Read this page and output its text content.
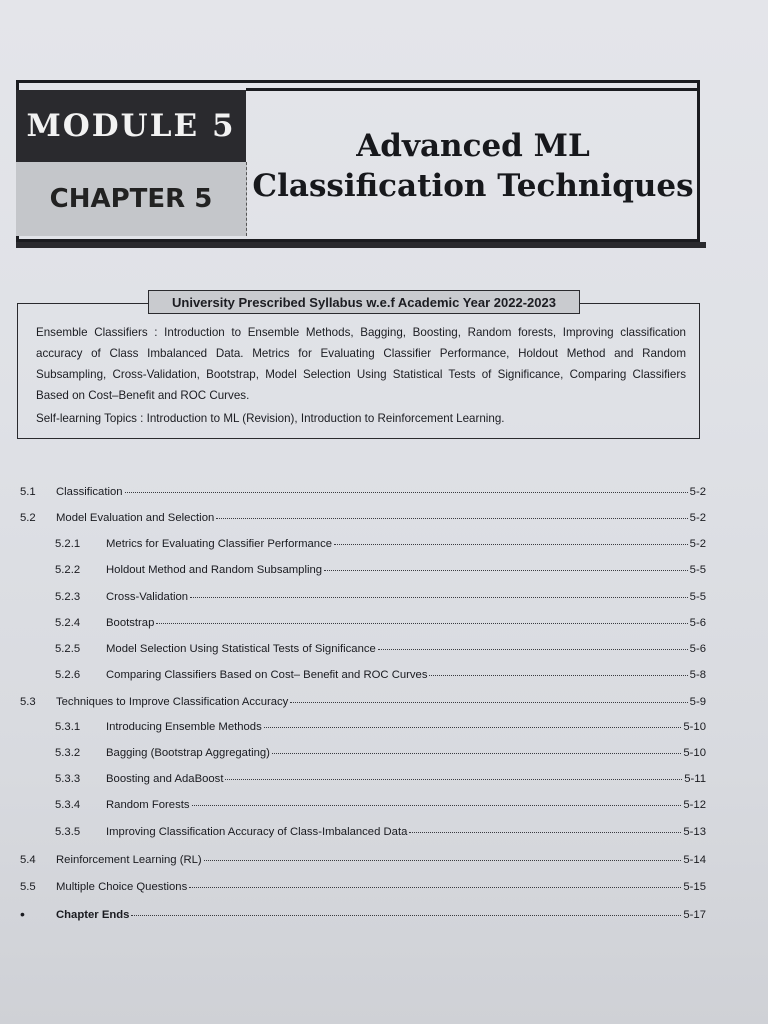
MODULE 5
CHAPTER 5
Advanced ML
Classification Techniques
University Prescribed Syllabus w.e.f Academic Year 2022-2023

Ensemble Classifiers : Introduction to Ensemble Methods, Bagging, Boosting, Random forests, Improving classification accuracy of Class Imbalanced Data. Metrics for Evaluating Classifier Performance, Holdout Method and Random Subsampling, Cross-Validation, Bootstrap, Model Selection Using Statistical Tests of Significance, Comparing Classifiers Based on Cost–Benefit and ROC Curves.

Self-learning Topics : Introduction to ML (Revision), Introduction to Reinforcement Learning.

5.1 Classification	5-2
5.2 Model Evaluation and Selection	5-2
5.2.1 Metrics for Evaluating Classifier Performance	5-2
5.2.2 Holdout Method and Random Subsampling	5-5
5.2.3 Cross-Validation	5-5
5.2.4 Bootstrap	5-6
5.2.5 Model Selection Using Statistical Tests of Significance	5-6
5.2.6 Comparing Classifiers Based on Cost– Benefit and ROC Curves	5-8
5.3 Techniques to Improve Classification Accuracy	5-9
5.3.1 Introducing Ensemble Methods	5-10
5.3.2 Bagging (Bootstrap Aggregating)	5-10
5.3.3 Boosting and AdaBoost	5-11
5.3.4 Random Forests	5-12
5.3.5 Improving Classification Accuracy of Class-Imbalanced Data	5-13
5.4 Reinforcement Learning (RL)	5-14
5.5 Multiple Choice Questions	5-15
•	Chapter Ends	5-17
